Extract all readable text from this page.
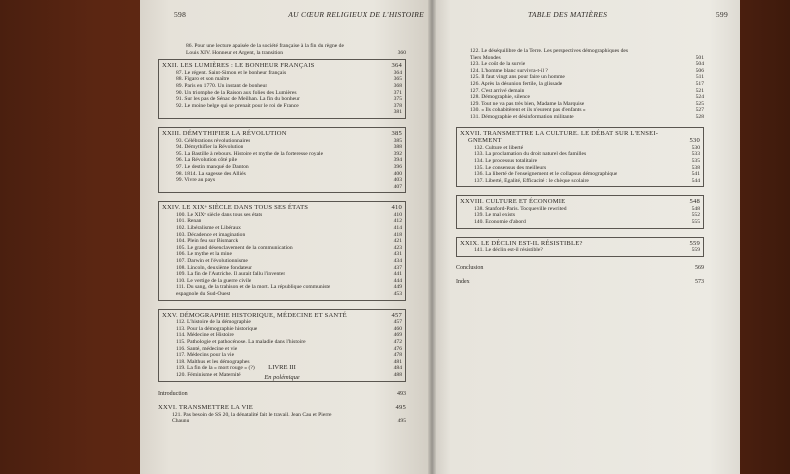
598	AU CŒUR RELIGIEUX DE L'HISTOIRE
86. Pour une lecture apaisée de la société française à la fin du règne de
Louis XIV. Honneur et Argent, la transition	360
XXII. LES LUMIÈRES : LE BONHEUR FRANÇAIS	364
87. Le régent. Saint-Simon et le bonheur français	364
88. Figaro et son maître	365
89. Paris en 1770. Un instant de bonheur	368
90. Un triomphe de la Raison aux folies des Lumières	371
91. Sur les pas de Sénac de Meilhan. La fin du bonheur	375
92. Le moine belge qui se prenait pour le roi de France	378
381
XXIII. DÉMYTHIFIER LA RÉVOLUTION	385
93. Célébrations révolutionnaires	385
94. Démythifier la Révolution	388
95. La Bastille à rebours. Histoire et mythe de la forteresse royale	392
96. La Révolution côté pile	394
97. Le destin manqué de Danton	396
98. 1814. La sagesse des Alliés	400
99. Vivre au pays	403
407
XXIV. LE XIXᵉ SIÈCLE DANS TOUS SES ÉTATS	410
100. Le XIXᵉ siècle dans tous ses états	410
101. Renan	412
102. Libéralisme et Libéraux	414
103. Décadence et imagination	418
104. Plein feu sur Bismarck	421
105. Le grand désenclavement de la communication	423
106. Le mythe et la mine	431
107. Darwin et l'évolutionnisme	434
108. Lincoln, deuxième fondateur	437
109. La fin de l'Autriche. Il aurait fallu l'inventer	441
110. Le vertige de la guerre civile	444
111. Du sang, de la trahison et de la mort. La république communiste	449
espagnole du Sud-Ouest	453
XXV. DÉMOGRAPHIE HISTORIQUE, MÉDECINE ET SANTÉ	457
112. L'histoire de la démographie	457
113. Pour la démographie historique	460
114. Médecine et Histoire	469
115. Pathologie et pathocénose. La maladie dans l'histoire	472
116. Santé, médecine et vie	476
117. Médecins pour la vie	478
118. Malthus et les démographes	481
119. La fin de la « mort rouge » (?)	484
120. Féminisme et Maternité	488
LIVRE III
En polémique
Introduction	493
XXVI. TRANSMETTRE LA VIE	495
121. Pas besoin de SS 20, la dénatalité fait le travail. Jean Cau et Pierre
Chaunu	495
TABLE DES MATIÈRES	599
122. Le déséquilibre de la Terre. Les perspectives démographiques des
Tiers Mondes	501
123. Le coût de la survie	504
124. L'homme blanc survivra-t-il ?	506
125. Il faut vingt ans pour faire un homme	511
126. Après la désunion fertile, la glissade	517
127. C'est arrivé demain	521
128. Démographie, silence	524
129. Tout ne va pas très bien, Madame la Marquise	525
130. « Ils cohabitèrent et ils n'eurent pas d'enfants »	527
131. Démographie et désinformation militante	528
XXVII. TRANSMETTRE LA CULTURE. LE DÉBAT SUR L'ENSEI-
GNEMENT	530
132. Culture et liberté	530
133. La proclamation du droit naturel des familles	533
134. Le processus totalitaire	535
135. Le consensus des meilleurs	538
136. La liberté de l'enseignement et le collapsus démographique	541
137. Liberté, Égalité, Efficacité : le chèque scolaire	544
XXVIII. CULTURE ET ÉCONOMIE	548
138. Stanford-Paris. Tocqueville rewrited	548
139. Le mal exists	552
140. Économie d'abord	555
XXIX. LE DÉCLIN EST-IL RÉSISTIBLE?	559
141. Le déclin est-il résistible?	559
Conclusion	569
Index	573
